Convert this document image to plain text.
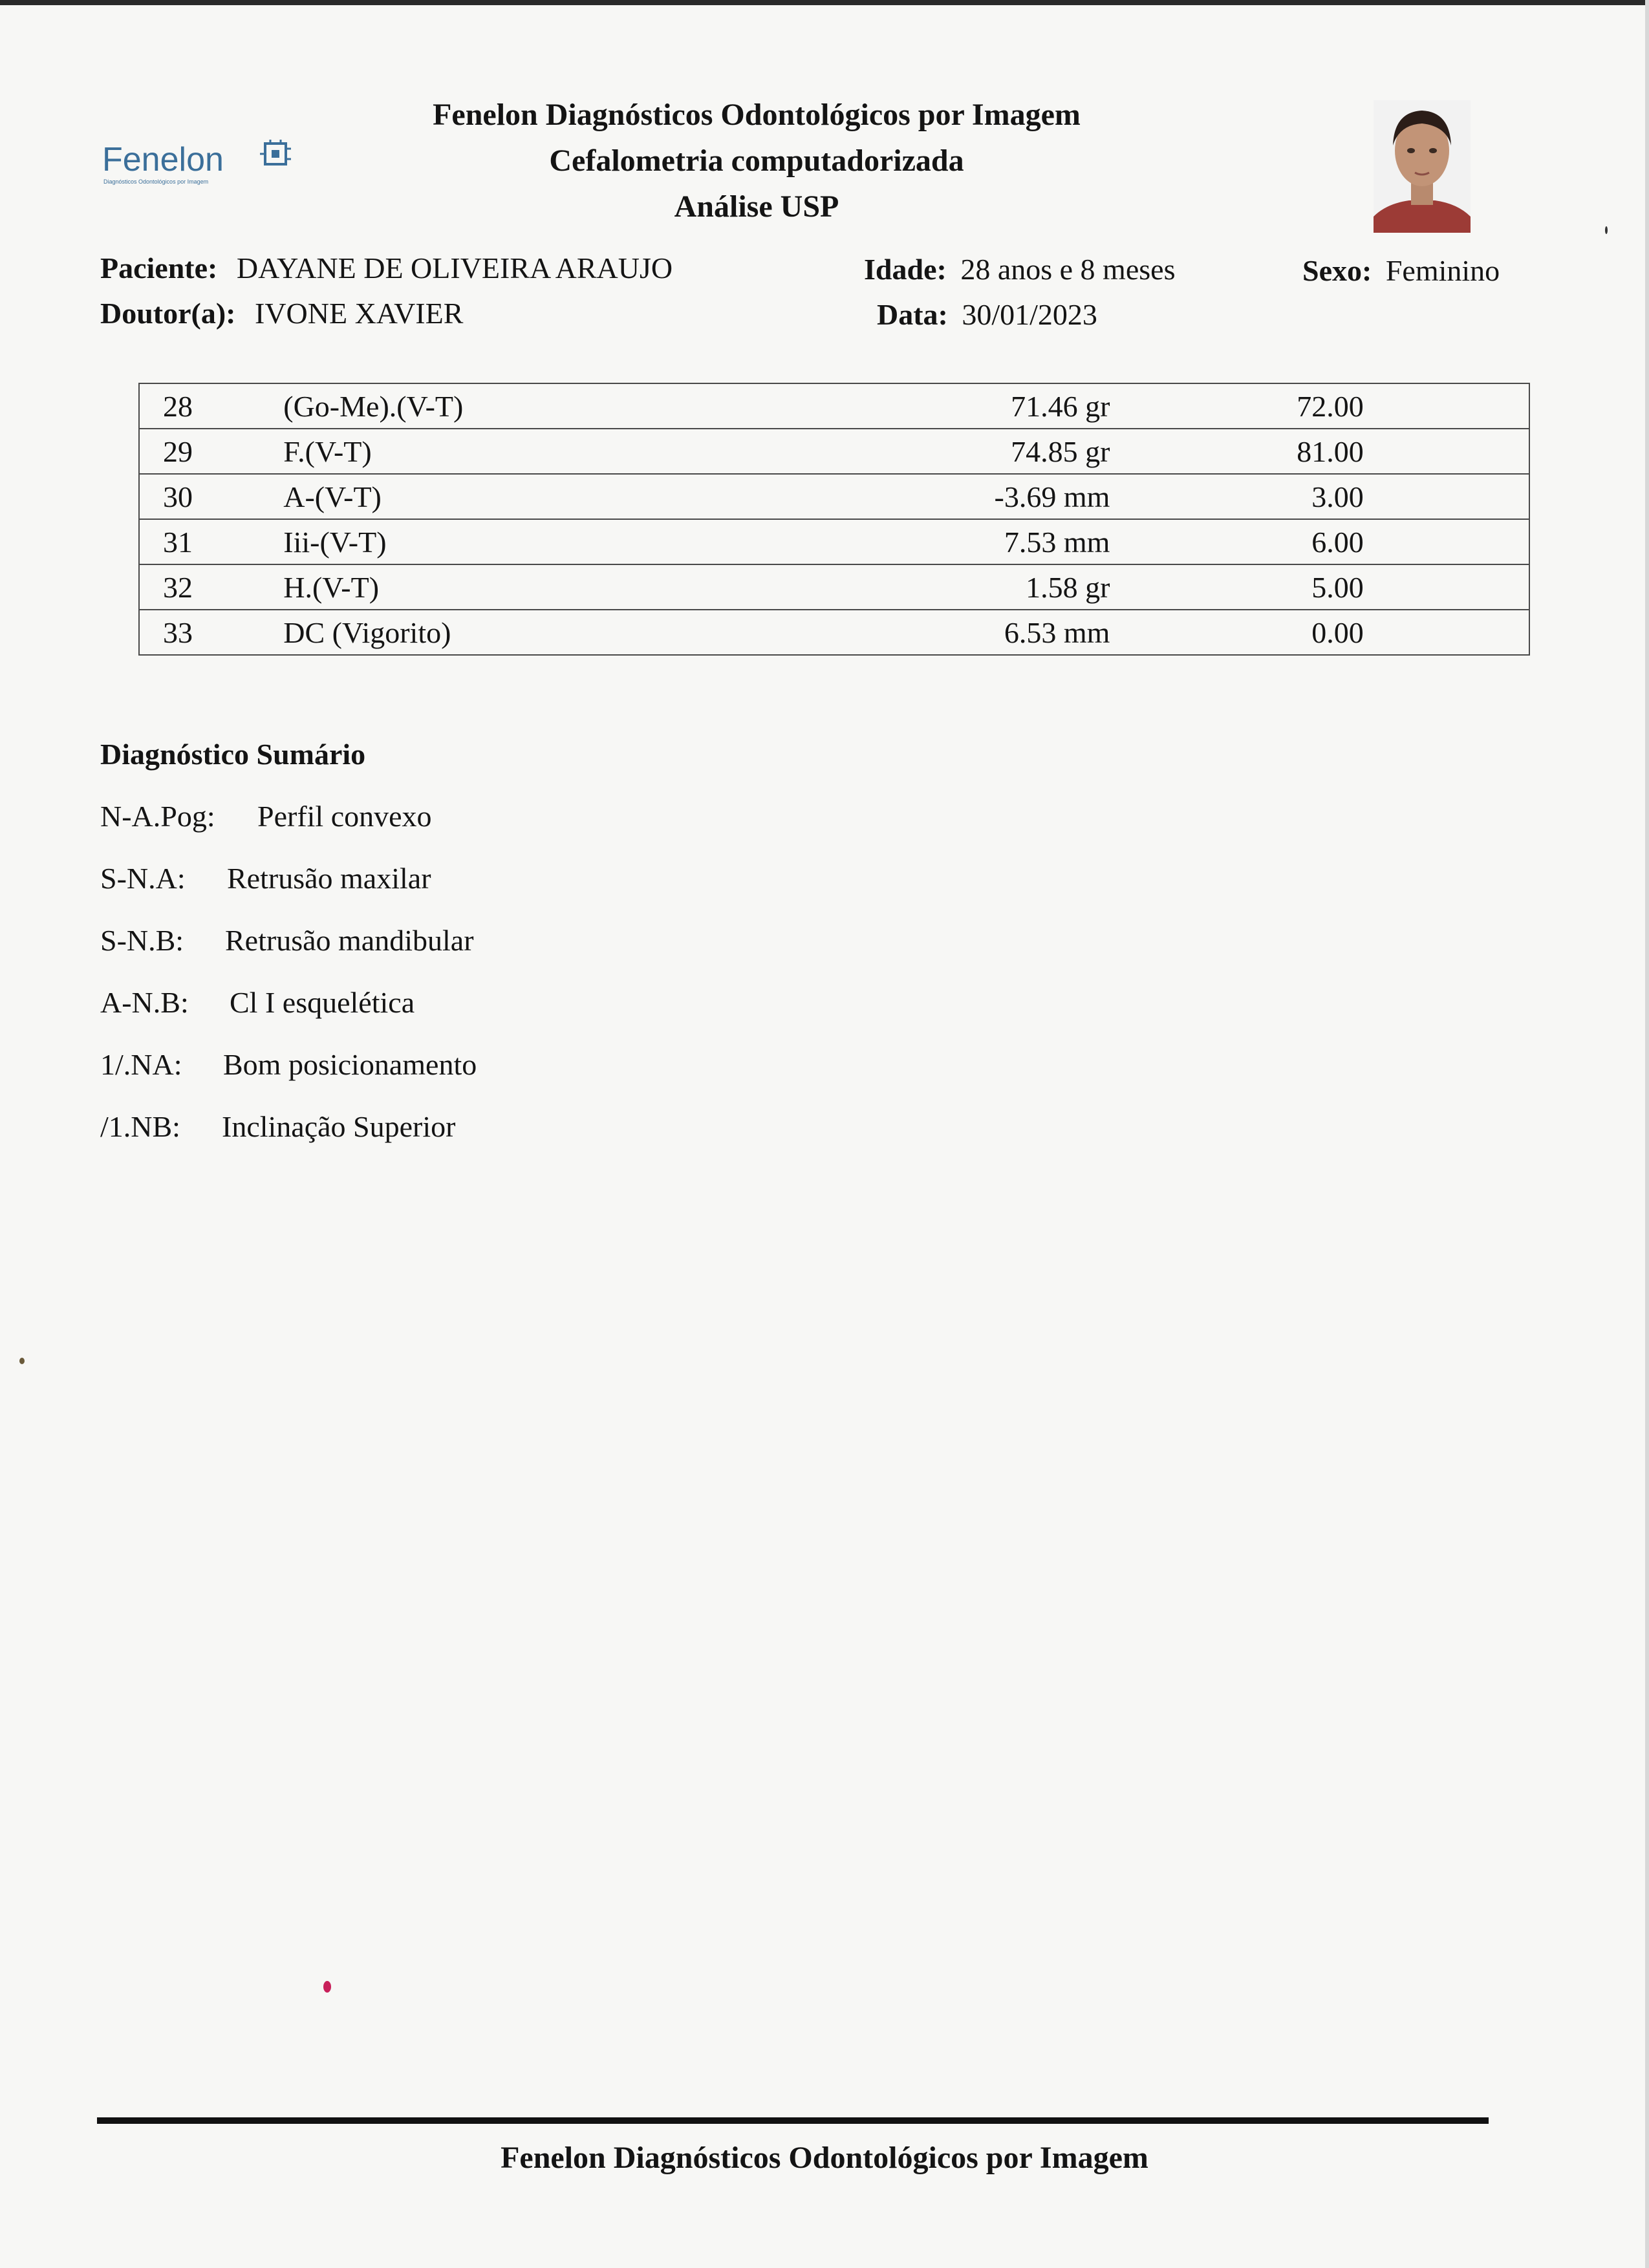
Fenelon
Diagnósticos Odontológicos por Imagem
Fenelon Diagnósticos Odontológicos por Imagem
Cefalometria computadorizada
Análise USP
Paciente: DAYANE DE OLIVEIRA ARAUJO
Doutor(a): IVONE XAVIER
Idade: 28 anos e 8 meses
Data: 30/01/2023
Sexo: Feminino
28	(Go-Me).(V-T)	71.46 gr	72.00	
29	F.(V-T)	74.85 gr	81.00	
30	A-(V-T)	-3.69 mm	3.00	
31	Iii-(V-T)	7.53 mm	6.00	
32	H.(V-T)	1.58 gr	5.00	
33	DC (Vigorito)	6.53 mm	0.00	
Diagnóstico Sumário
N-A.Pog: Perfil convexo
S-N.A: Retrusão maxilar
S-N.B: Retrusão mandibular
A-N.B: Cl I esquelética
1/.NA: Bom posicionamento
/1.NB: Inclinação Superior
Fenelon Diagnósticos Odontológicos por Imagem
